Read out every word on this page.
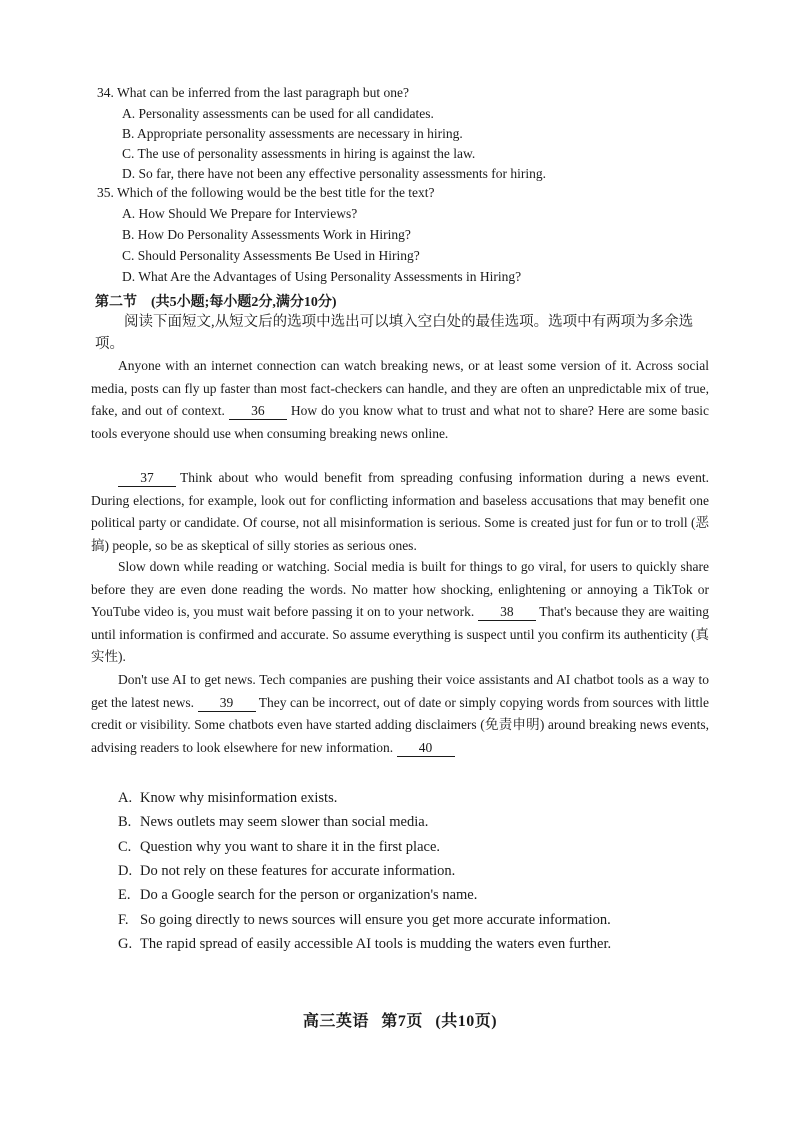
34. What can be inferred from the last paragraph but one?
A. Personality assessments can be used for all candidates.
B. Appropriate personality assessments are necessary in hiring.
C. The use of personality assessments in hiring is against the law.
D. So far, there have not been any effective personality assessments for hiring.
35. Which of the following would be the best title for the text?
A. How Should We Prepare for Interviews?
B. How Do Personality Assessments Work in Hiring?
C. Should Personality Assessments Be Used in Hiring?
D. What Are the Advantages of Using Personality Assessments in Hiring?
第二节 (共5小题;每小题2分,满分10分)
阅读下面短文,从短文后的选项中选出可以填入空白处的最佳选项。选项中有两项为多余选项。
Anyone with an internet connection can watch breaking news, or at least some version of it. Across social media, posts can fly up faster than most fact-checkers can handle, and they are often an unpredictable mix of true, fake, and out of context. 36 How do you know what to trust and what not to share? Here are some basic tools everyone should use when consuming breaking news online.
37 Think about who would benefit from spreading confusing information during a news event. During elections, for example, look out for conflicting information and baseless accusations that may benefit one political party or candidate. Of course, not all misinformation is serious. Some is created just for fun or to troll (恶搞) people, so be as skeptical of silly stories as serious ones.
Slow down while reading or watching. Social media is built for things to go viral, for users to quickly share before they are even done reading the words. No matter how shocking, enlightening or annoying a TikTok or YouTube video is, you must wait before passing it on to your network. 38 That's because they are waiting until information is confirmed and accurate. So assume everything is suspect until you confirm its authenticity (真实性).
Don't use AI to get news. Tech companies are pushing their voice assistants and AI chatbot tools as a way to get the latest news. 39 They can be incorrect, out of date or simply copying words from sources with little credit or visibility. Some chatbots even have started adding disclaimers (免责申明) around breaking news events, advising readers to look elsewhere for new information. 40
A. Know why misinformation exists.
B. News outlets may seem slower than social media.
C. Question why you want to share it in the first place.
D. Do not rely on these features for accurate information.
E. Do a Google search for the person or organization's name.
F. So going directly to news sources will ensure you get more accurate information.
G. The rapid spread of easily accessible AI tools is mudding the waters even further.
高三英语 第7页 (共10页)
